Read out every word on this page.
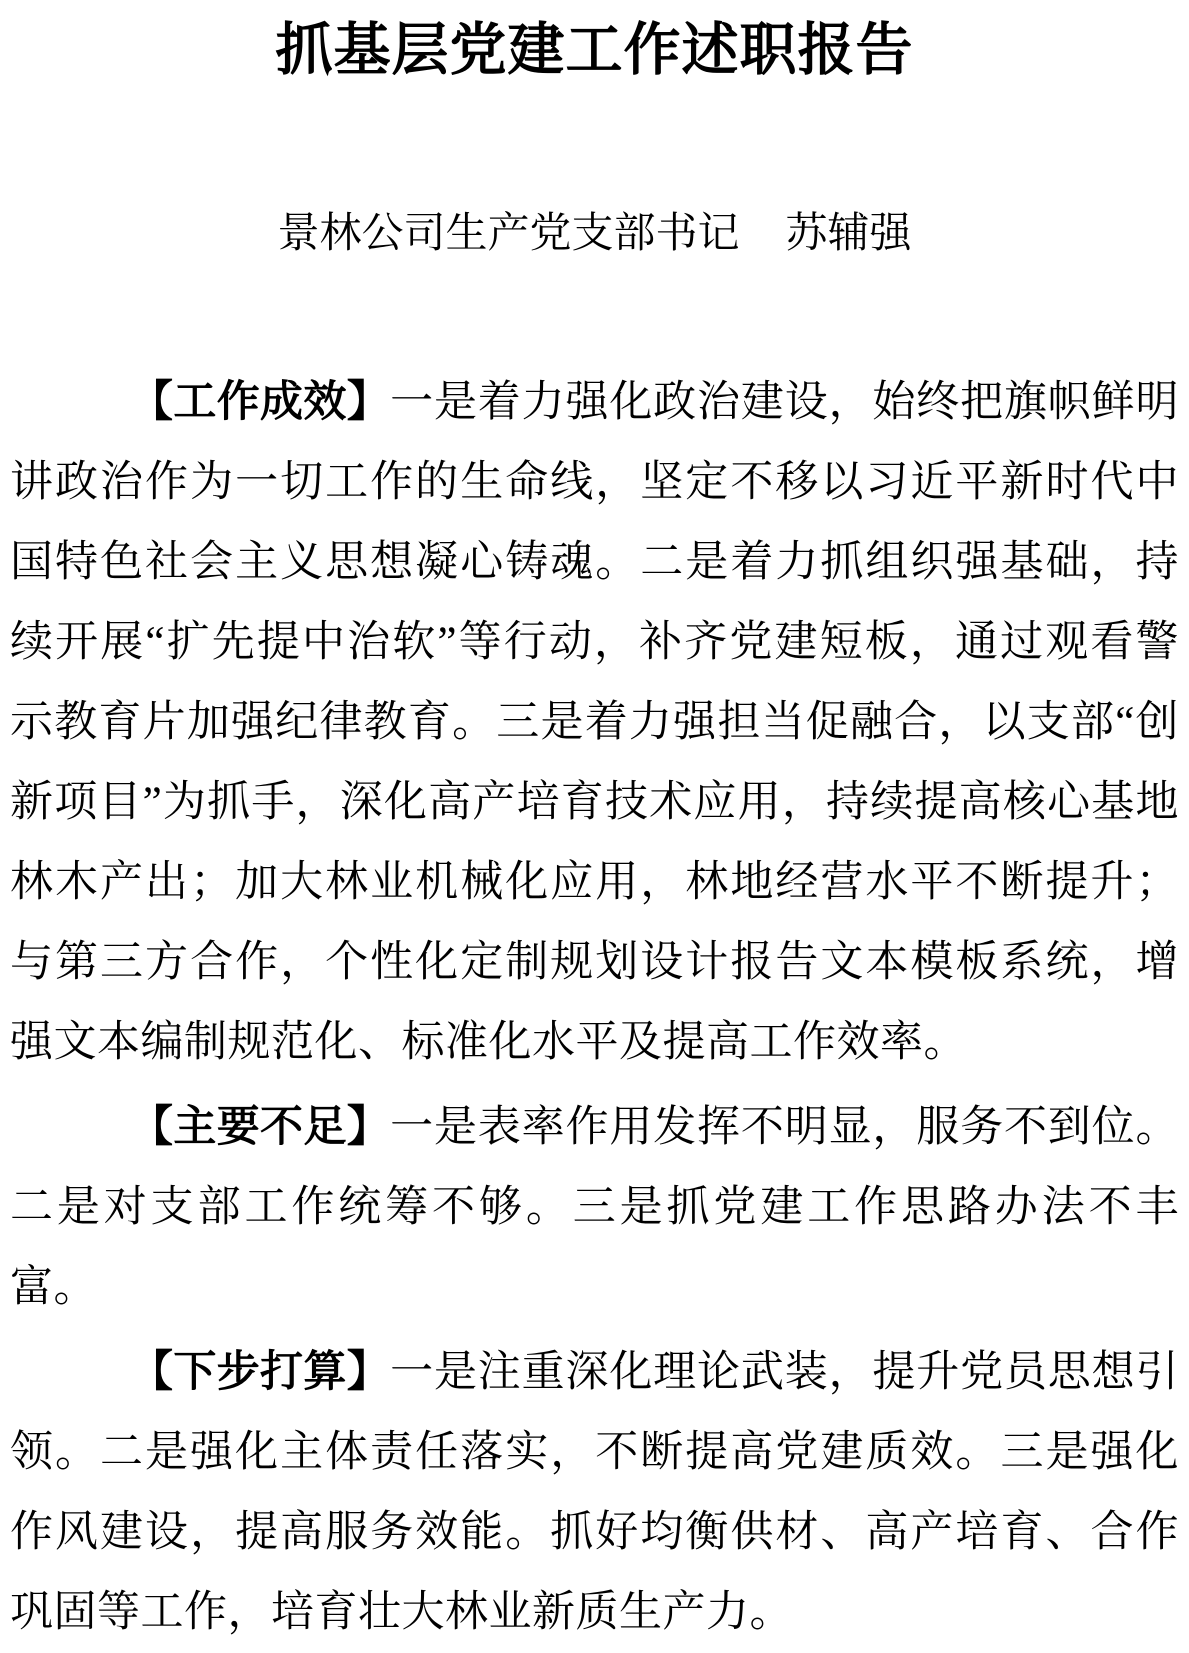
抓基层党建工作述职报告
景林公司生产党支部书记 苏辅强

【工作成效】一是着力强化政治建设，始终把旗帜鲜明讲政治作为一切工作的生命线，坚定不移以习近平新时代中国特色社会主义思想凝心铸魂。二是着力抓组织强基础，持续开展“扩先提中治软”等行动，补齐党建短板，通过观看警示教育片加强纪律教育。三是着力强担当促融合，以支部“创新项目”为抓手，深化高产培育技术应用，持续提高核心基地林木产出；加大林业机械化应用，林地经营水平不断提升；与第三方合作，个性化定制规划设计报告文本模板系统，增强文本编制规范化、标准化水平及提高工作效率。

【主要不足】一是表率作用发挥不明显，服务不到位。二是对支部工作统筹不够。三是抓党建工作思路办法不丰富。

【下步打算】一是注重深化理论武装，提升党员思想引领。二是强化主体责任落实，不断提高党建质效。三是强化作风建设，提高服务效能。抓好均衡供材、高产培育、合作巩固等工作，培育壮大林业新质生产力。
